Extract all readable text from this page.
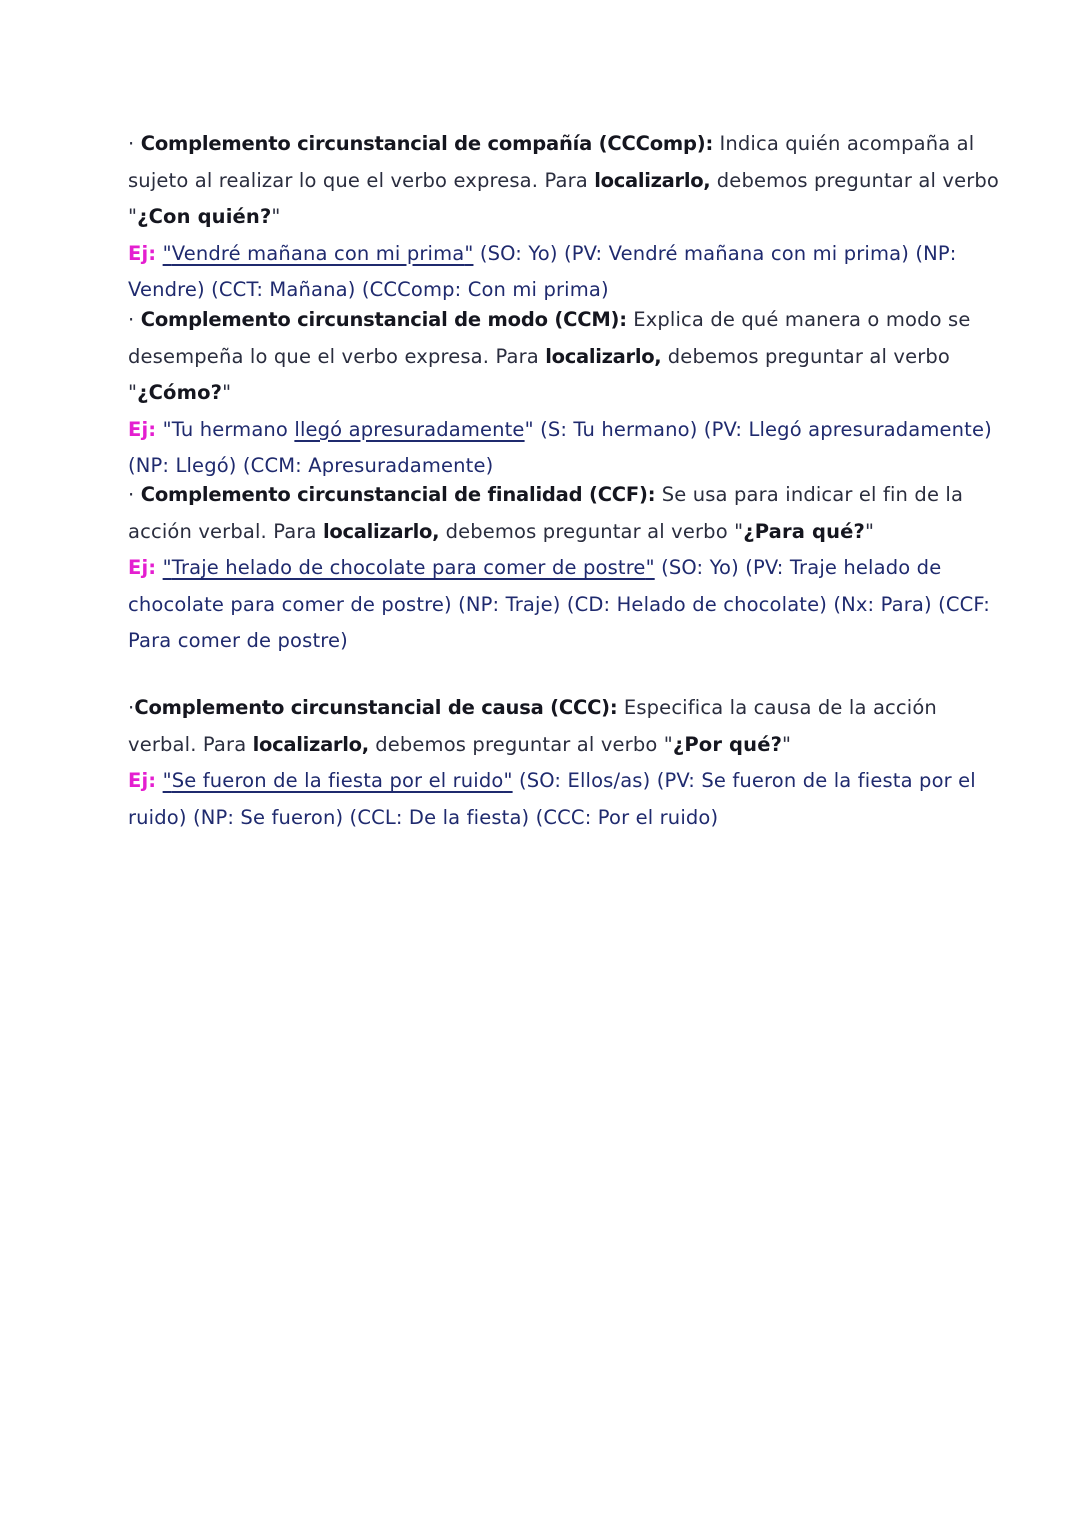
· Complemento circunstancial de compañía (CCComp): Indica quién acompaña al sujeto al realizar lo que el verbo expresa. Para localizarlo, debemos preguntar al verbo "¿Con quién?"
Ej: "Vendré mañana con mi prima" (SO: Yo) (PV: Vendré mañana con mi prima) (NP: Vendre) (CCT: Mañana) (CCComp: Con mi prima)
· Complemento circunstancial de modo (CCM): Explica de qué manera o modo se desempeña lo que el verbo expresa. Para localizarlo, debemos preguntar al verbo "¿Cómo?"
Ej: "Tu hermano llegó apresuradamente" (S: Tu hermano) (PV: Llegó apresuradamente) (NP: Llegó) (CCM: Apresuradamente)
· Complemento circunstancial de finalidad (CCF): Se usa para indicar el fin de la acción verbal. Para localizarlo, debemos preguntar al verbo "¿Para qué?"
Ej: "Traje helado de chocolate para comer de postre" (SO: Yo) (PV: Traje helado de chocolate para comer de postre) (NP: Traje) (CD: Helado de chocolate) (Nx: Para) (CCF: Para comer de postre)
·Complemento circunstancial de causa (CCC): Especifica la causa de la acción verbal. Para localizarlo, debemos preguntar al verbo "¿Por qué?"
Ej: "Se fueron de la fiesta por el ruido" (SO: Ellos/as) (PV: Se fueron de la fiesta por el ruido) (NP: Se fueron) (CCL: De la fiesta) (CCC: Por el ruido)
